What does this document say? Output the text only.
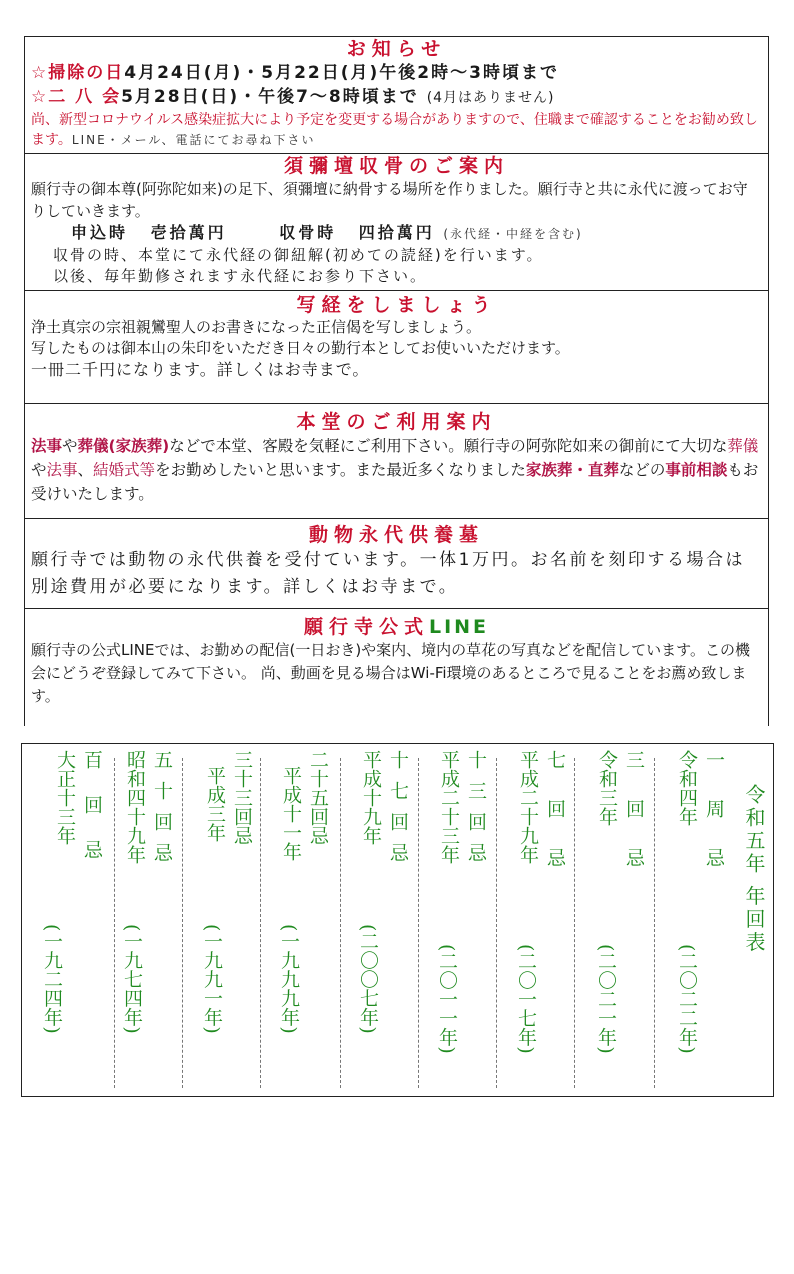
お知らせ
☆掃除の日4月24日(月)・5月22日(月)午後2時〜3時頃まで
☆二 八 会5月28日(日)・午後7〜8時頃まで (4月はありません)
尚、新型コロナウイルス感染症拡大により予定を変更する場合がありますので、住職まで確認することをお勧め致します。LINE・メール、電話にてお尋ね下さい
須彌壇収骨のご案内
願行寺の御本尊(阿弥陀如来)の足下、須彌壇に納骨する場所を作りました。願行寺と共に永代に渡ってお守りしていきます。
申込時 壱拾萬円	収骨時 四拾萬円 (永代経・中経を含む)
収骨の時、本堂にて永代経の御紐解(初めての読経)を行います。
以後、毎年勤修されます永代経にお参り下さい。
写経をしましょう
浄土真宗の宗祖親鸞聖人のお書きになった正信偈を写しましょう。
写したものは御本山の朱印をいただき日々の勤行本としてお使いいただけます。
一冊二千円になります。詳しくはお寺まで。
本堂のご利用案内
法事や葬儀(家族葬)などで本堂、客殿を気軽にご利用下さい。願行寺の阿弥陀如来の御前にて大切な葬儀や法事、結婚式等をお勤めしたいと思います。また最近多くなりました家族葬・直葬などの事前相談もお受けいたします。
動物永代供養墓
願行寺では動物の永代供養を受付ています。一体1万円。お名前を刻印する場合は別途費用が必要になります。詳しくはお寺まで。
願行寺公式LINE
願行寺の公式LINEでは、お勤めの配信(一日おき)や案内、境内の草花の写真などを配信しています。この機会にどうぞ登録してみて下さい。 尚、動画を見る場合はWi-Fi環境のあるところで見ることをお薦め致します。
令和五年 年回表
一周忌
令和四年
(二〇二二年)
三回忌
令和三年
(二〇二一年)
七回忌
平成二十九年
(二〇一七年)
十三回忌
平成二十三年
(二〇一一年)
十七回忌
平成十九年
(二〇〇七年)
二十五回忌
平成十一年
(一九九九年)
三十三回忌
平成三年
(一九九一年)
五十回忌
昭和四十九年
(一九七四年)
百回忌
大正十三年
(一九二四年)
